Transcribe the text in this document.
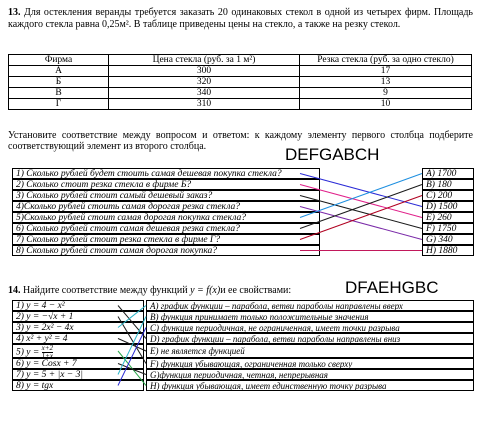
13. Для остекления веранды требуется заказать 20 одинаковых стекол в одной из четырех фирм. Площадь каждого стекла равна 0,25м². В таблице приведены цены на стекло, а также на резку стекол.
Фирма	Цена стекла (руб. за 1 м²)	Резка стекла (руб. за одно стекло)
А	300	17
Б	320	13
В	340	9
Г	310	10
Установите соответствие между вопросом и ответом: к каждому элементу первого столбца подберите соответствующий элемент из второго столбца.	DEFGABCH
1) Сколько рублей будет стоить самая дешевая покупка стекла?
2) Сколько стоит резка стекла в фирме Б?
3) Сколько рублей стоит самый дешевый заказ?
4)Сколько рублей стоить самая дорогая резка стекла?
5)Сколько рублей стоит самая дорогая покупка стекла?
6) Сколько рублей стоит самая дешевая резка стекла?
7) Сколько рублей стоит резка стекла в фирме Г?
8) Сколько рублей стоит самая дорогая покупка?
A) 1700
B) 180
C) 200
D) 1500
E) 260
F) 1750
G) 340
H) 1880
14. Найдите соответствие между функций y = f(x)и ее свойствами:	DFAEHGBC
1) y = 4 − x²
2) y = −√x + 1
3) y = 2x² − 4x
4) x² + y² = 4
5) $y = \frac{x+2}{1+x}$
6) y = Cosx + 7
7) y = 5 + |x − 3|
8) y = tgx
A) график функции – парабола, ветви параболы направлены вверх
B) функция принимает только положительные значения
C) функция периодичная, не ограниченная, имеет точки разрыва
D) график функции – парабола, ветви параболы направлены вниз
E) не является функцией
F) функция убывающая, ограниченная только сверху
G)функция периодичная, четная, непрерывная
H) функция убывающая, имеет единственную точку разрыва
